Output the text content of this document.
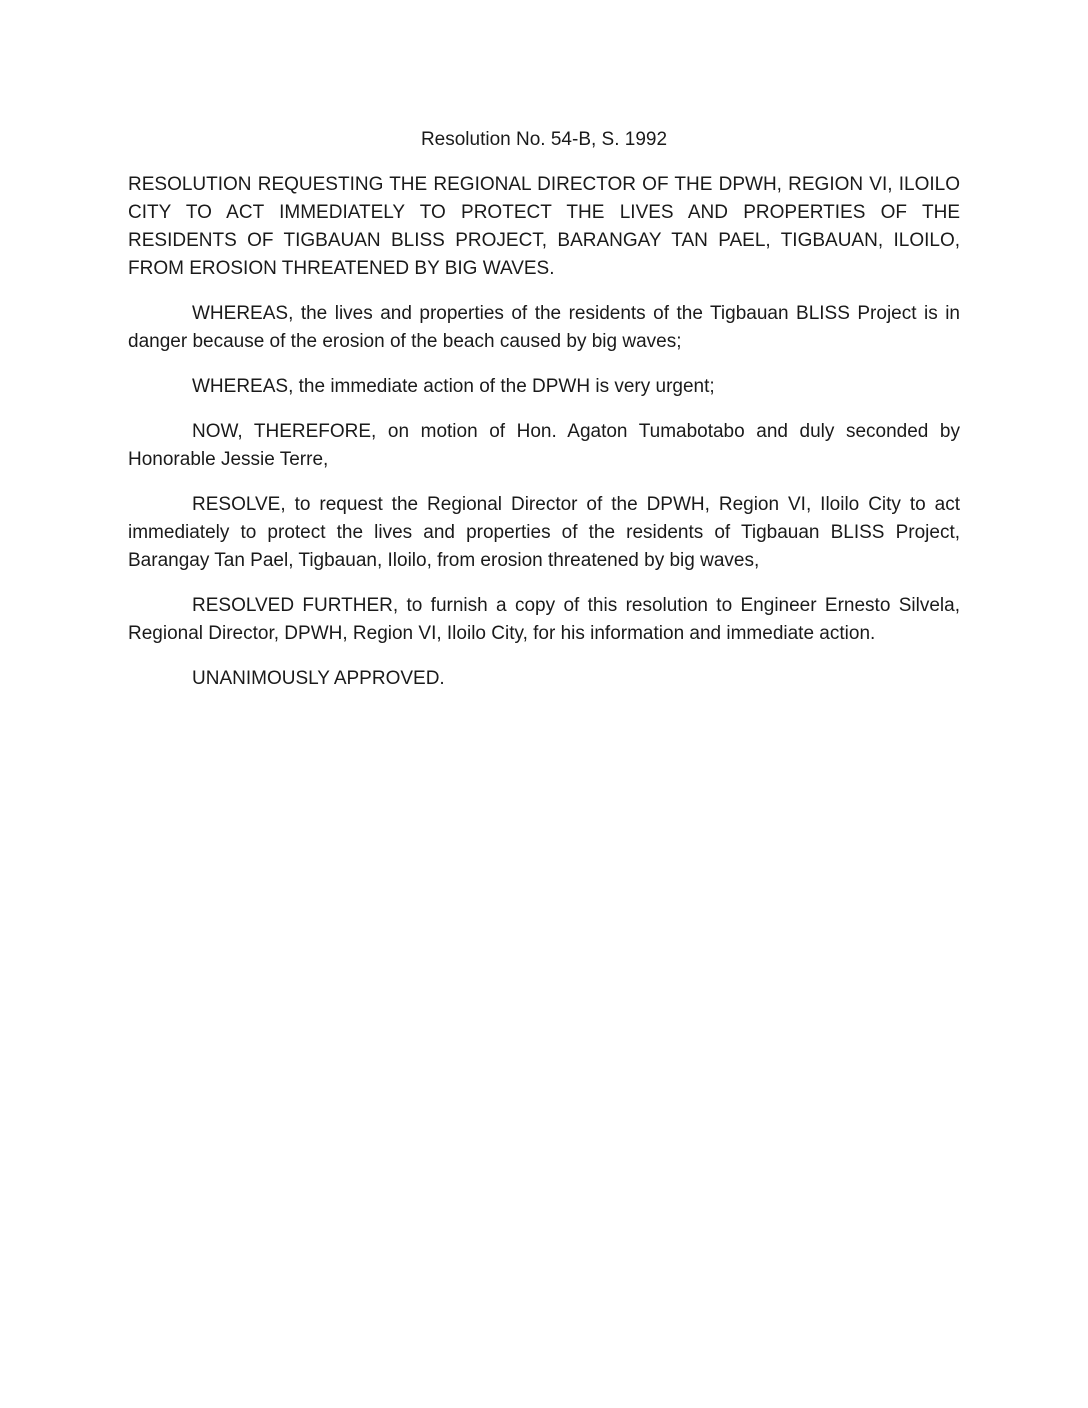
Resolution No. 54-B, S. 1992

RESOLUTION REQUESTING THE REGIONAL DIRECTOR OF THE DPWH, REGION VI, ILOILO CITY TO ACT IMMEDIATELY TO PROTECT THE LIVES AND PROPERTIES OF THE RESIDENTS OF TIGBAUAN BLISS PROJECT, BARANGAY TAN PAEL, TIGBAUAN, ILOILO, FROM EROSION THREATENED BY BIG WAVES.

WHEREAS, the lives and properties of the residents of the Tigbauan BLISS Project is in danger because of the erosion of the beach caused by big waves;

WHEREAS, the immediate action of the DPWH is very urgent;

NOW, THEREFORE, on motion of Hon. Agaton Tumabotabo and duly seconded by Honorable Jessie Terre,

RESOLVE, to request the Regional Director of the DPWH, Region VI, Iloilo City to act immediately to protect the lives and properties of the residents of Tigbauan BLISS Project, Barangay Tan Pael, Tigbauan, Iloilo, from erosion threatened by big waves,

RESOLVED FURTHER, to furnish a copy of this resolution to Engineer Ernesto Silvela, Regional Director, DPWH, Region VI, Iloilo City, for his information and immediate action.

UNANIMOUSLY APPROVED.
